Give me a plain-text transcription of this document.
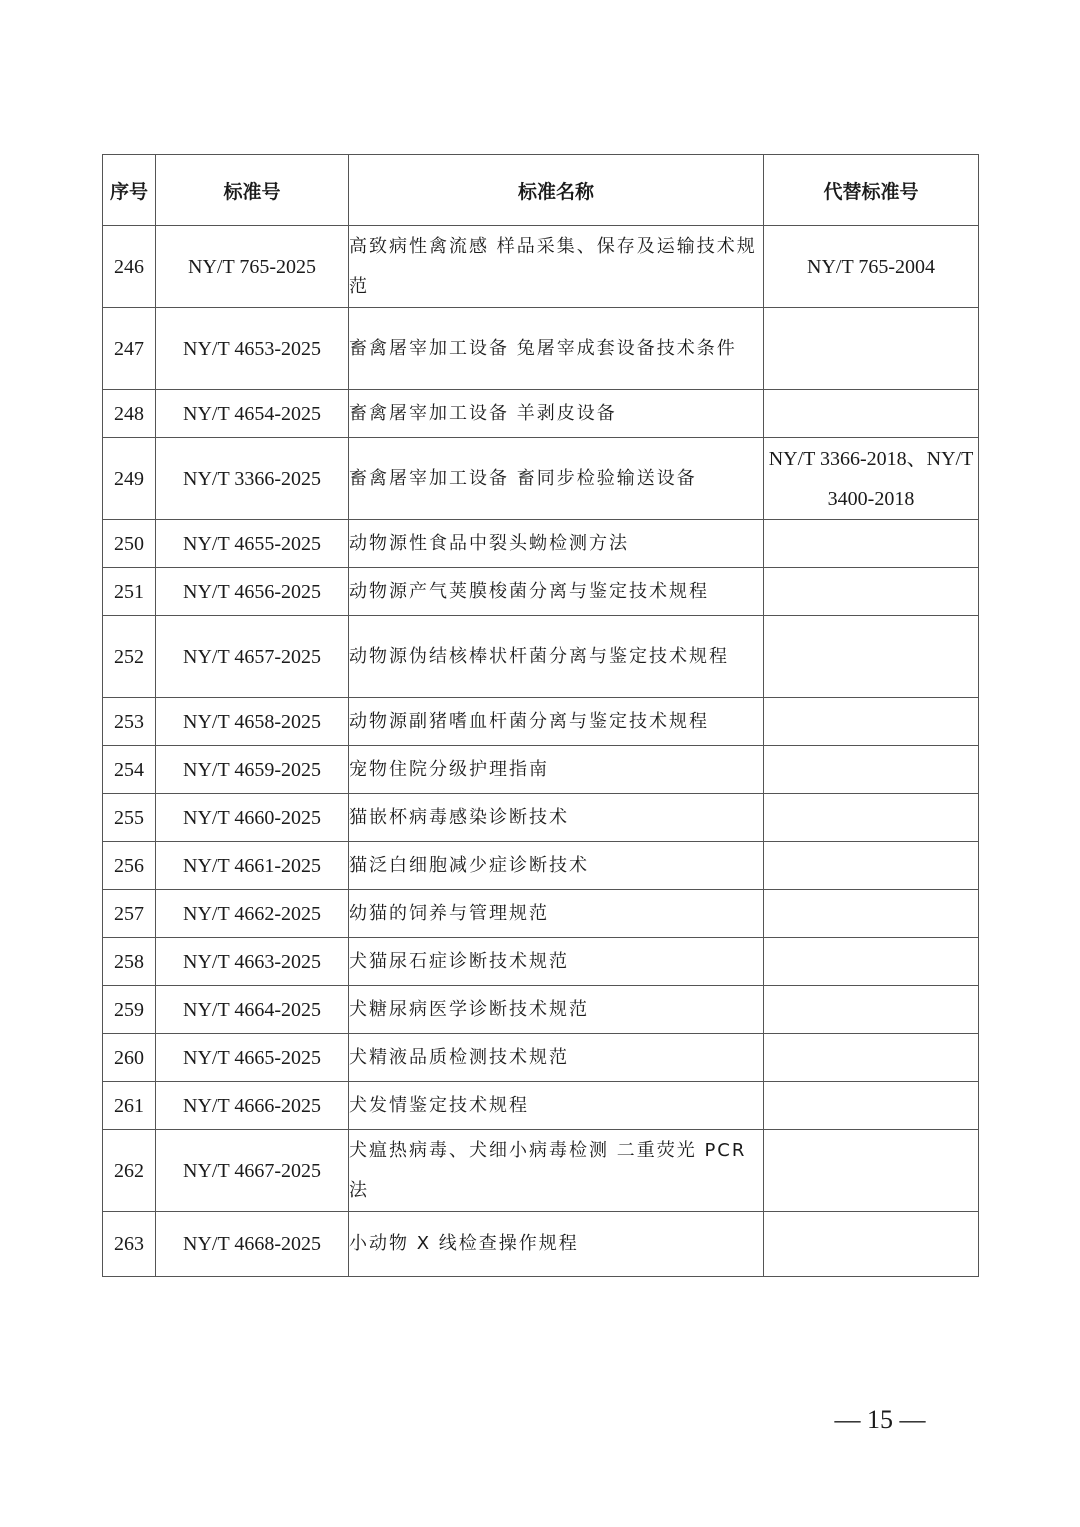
序号	标准号	标准名称	代替标准号
246	NY/T 765-2025	高致病性禽流感 样品采集、保存及运输技术规范	NY/T 765-2004
247	NY/T 4653-2025	畜禽屠宰加工设备 兔屠宰成套设备技术条件	
248	NY/T 4654-2025	畜禽屠宰加工设备 羊剥皮设备	
249	NY/T 3366-2025	畜禽屠宰加工设备 畜同步检验输送设备	NY/T 3366-2018、NY/T 3400-2018
250	NY/T 4655-2025	动物源性食品中裂头蚴检测方法	
251	NY/T 4656-2025	动物源产气荚膜梭菌分离与鉴定技术规程	
252	NY/T 4657-2025	动物源伪结核棒状杆菌分离与鉴定技术规程	
253	NY/T 4658-2025	动物源副猪嗜血杆菌分离与鉴定技术规程	
254	NY/T 4659-2025	宠物住院分级护理指南	
255	NY/T 4660-2025	猫嵌杯病毒感染诊断技术	
256	NY/T 4661-2025	猫泛白细胞减少症诊断技术	
257	NY/T 4662-2025	幼猫的饲养与管理规范	
258	NY/T 4663-2025	犬猫尿石症诊断技术规范	
259	NY/T 4664-2025	犬糖尿病医学诊断技术规范	
260	NY/T 4665-2025	犬精液品质检测技术规范	
261	NY/T 4666-2025	犬发情鉴定技术规程	
262	NY/T 4667-2025	犬瘟热病毒、犬细小病毒检测 二重荧光 PCR 法	
263	NY/T 4668-2025	小动物 X 线检查操作规程	
— 15 —
